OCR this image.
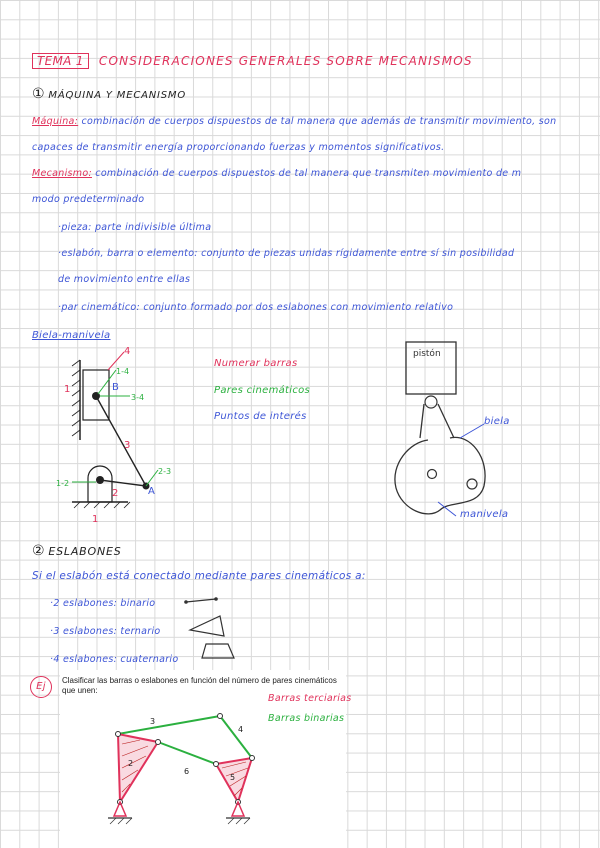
TEMA 1 CONSIDERACIONES GENERALES SOBRE MECANISMOS
① MÁQUINA Y MECANISMO
Máquina: combinación de cuerpos dispuestos de tal manera que además de transmitir movimiento, son
capaces de transmitir energía proporcionando fuerzas y momentos significativos.
Mecanismo: combinación de cuerpos dispuestos de tal manera que transmiten movimiento de m
modo predeterminado
·pieza: parte indivisible última
·eslabón, barra o elemento: conjunto de piezas unidas rígidamente entre sí sin posibilidad
de movimiento entre ellas
·par cinemático: conjunto formado por dos eslabones con movimiento relativo
Biela-manivela
1
4
1-4
B
3-4
3
2-3
1-2
2	A
1
Numerar barras
Pares cinemáticos
Puntos de interés
pistón
biela
manivela
② ESLABONES
Si el eslabón está conectado mediante pares cinemáticos a:
·2 eslabones: binario
·3 eslabones: ternario
·4 eslabones: cuaternario
Ej
Clasificar las barras o eslabones en función del número de pares cinemáticos
que unen:
Barras terciarias
Barras binarias
3
4
6
2
5
